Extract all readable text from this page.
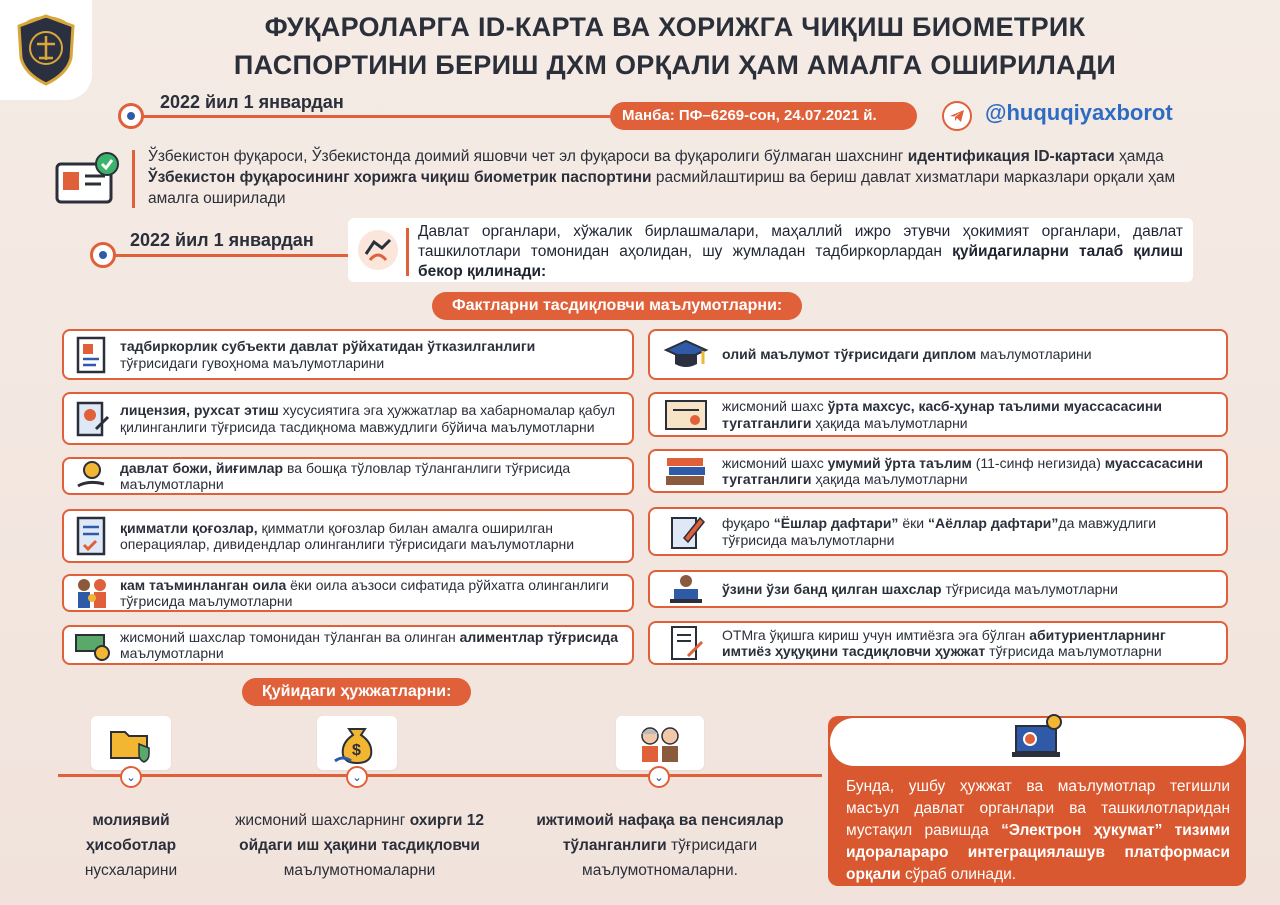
ФУҚАРОЛАРГА ID-КАРТА ВА ХОРИЖГА ЧИҚИШ БИОМЕТРИК
ПАСПОРТИНИ БЕРИШ ДХМ ОРҚАЛИ ҲАМ АМАЛГА ОШИРИЛАДИ
2022 йил 1 январдан
Манба: ПФ–6269-сон, 24.07.2021 й.	@huquqiyaxborot
Ўзбекистон фуқароси, Ўзбекистонда доимий яшовчи чет эл фуқароси ва фуқаролиги бўлмаган шахснинг идентификация ID-картаси ҳамда Ўзбекистон фуқаросининг хорижга чиқиш биометрик паспортини расмийлаштириш ва бериш давлат хизматлари марказлари орқали ҳам амалга оширилади
2022 йил 1 январдан	Давлат органлари, хўжалик бирлашмалари, маҳаллий ижро этувчи ҳокимият органлари, давлат ташкилотлари томонидан аҳолидан, шу жумладан тадбиркорлардан қуйидагиларни талаб қилиш бекор қилинади:
Фактларни тасдиқловчи маълумотларни:
тадбиркорлик субъекти давлат рўйхатидан ўтказилганлиги
тўғрисидаги гувоҳнома маълумотларини
лицензия, рухсат этиш хусусиятига эга ҳужжатлар ва хабарномалар қабул қилинганлиги тўғрисида тасдиқнома мавжудлиги бўйича маълумотларни
давлат божи, йиғимлар ва бошқа тўловлар тўланганлиги тўғрисида маълумотларни
қимматли қоғозлар, қимматли қоғозлар билан амалга оширилган операциялар, дивидендлар олинганлиги тўғрисидаги маълумотларни
кам таъминланган оила ёки оила аъзоси сифатида рўйхатга олинганлиги тўғрисида маълумотларни
жисмоний шахслар томонидан тўланган ва олинган алиментлар тўғрисида маълумотларни
олий маълумот тўғрисидаги диплом маълумотларини
жисмоний шахс ўрта махсус, касб-ҳунар таълими муассасасини тугатганлиги ҳақида маълумотларни
жисмоний шахс умумий ўрта таълим (11-синф негизида) муассасасини тугатганлиги ҳақида маълумотларни
фуқаро “Ёшлар дафтари” ёки “Аёллар дафтари”да мавжудлиги тўғрисида маълумотларни
ўзини ўзи банд қилган шахслар тўғрисида маълумотларни
ОТМга ўқишга кириш учун имтиёзга эга бўлган абитуриентларнинг имтиёз ҳуқуқини тасдиқловчи ҳужжат тўғрисида маълумотларни
Қуйидаги ҳужжатларни:
⌄
$
⌄	⌄
молиявий ҳисоботлар
нусхаларини
жисмоний шахсларнинг охирги 12 ойдаги иш ҳақини тасдиқловчи
маълумотномаларни
ижтимоий нафақа ва пенсиялар тўланганлиги тўғрисидаги
маълумотномаларни.
Бунда, ушбу ҳужжат ва маълумотлар тегишли масъул давлат органлари ва ташкилотларидан мустақил равишда “Электрон ҳукумат” тизими идоралараро интеграциялашув платформаси орқали сўраб олинади.
